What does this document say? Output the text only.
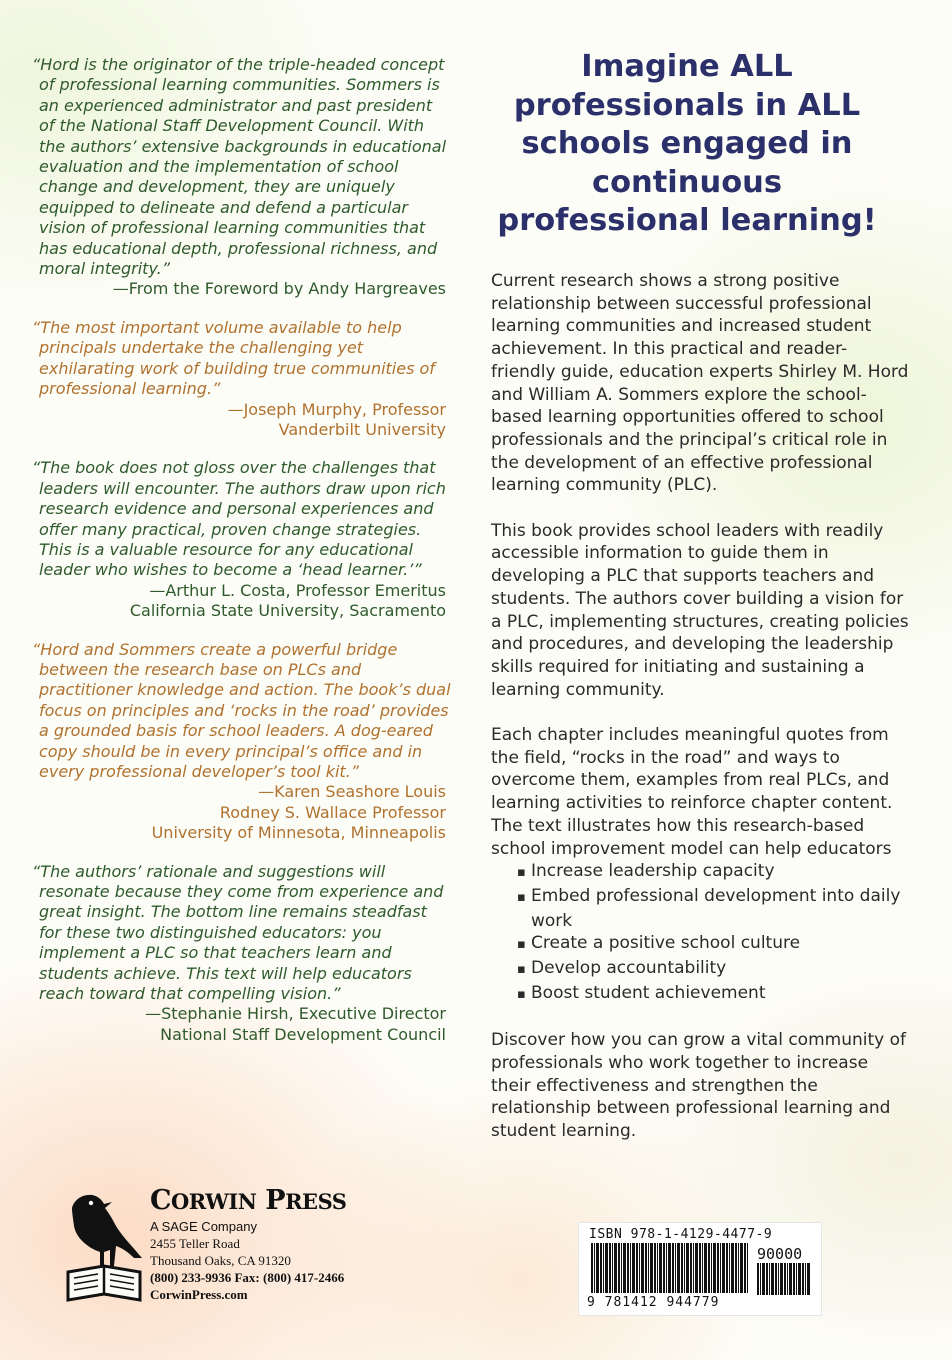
“Hord is the originator of the triple-headed concept of professional learning communities. Sommers is an experienced administrator and past president of the National Staff Development Council. With the authors’ extensive backgrounds in educational evaluation and the implementation of school change and development, they are uniquely equipped to delineate and defend a particular vision of professional learning communities that has educational depth, professional richness, and moral integrity.”

—From the Foreword by Andy Hargreaves

“The most important volume available to help principals undertake the challenging yet exhilarating work of building true communities of professional learning.”

—Joseph Murphy, Professor
Vanderbilt University

“The book does not gloss over the challenges that leaders will encounter. The authors draw upon rich research evidence and personal experiences and offer many practical, proven change strategies. This is a valuable resource for any educational leader who wishes to become a ‘head learner.’”

—Arthur L. Costa, Professor Emeritus
California State University, Sacramento

“Hord and Sommers create a powerful bridge between the research base on PLCs and practitioner knowledge and action. The book’s dual focus on principles and ‘rocks in the road’ provides a grounded basis for school leaders. A dog-eared copy should be in every principal’s office and in every professional developer’s tool kit.”

—Karen Seashore Louis
Rodney S. Wallace Professor
University of Minnesota, Minneapolis

“The authors’ rationale and suggestions will resonate because they come from experience and great insight. The bottom line remains steadfast for these two distinguished educators: you implement a PLC so that teachers learn and students achieve. This text will help educators reach toward that compelling vision.”

—Stephanie Hirsh, Executive Director
National Staff Development Council
Imagine ALL professionals in ALL schools engaged in continuous professional learning!

Current research shows a strong positive relationship between successful professional learning communities and increased student achievement. In this practical and reader-friendly guide, education experts Shirley M. Hord and William A. Sommers explore the school-based learning opportunities offered to school professionals and the principal’s critical role in the development of an effective professional learning community (PLC).

This book provides school leaders with readily accessible information to guide them in developing a PLC that supports teachers and students. The authors cover building a vision for a PLC, implementing structures, creating policies and procedures, and developing the leadership skills required for initiating and sustaining a learning community.

Each chapter includes meaningful quotes from the field, “rocks in the road” and ways to overcome them, examples from real PLCs, and learning activities to reinforce chapter content. The text illustrates how this research-based school improvement model can help educators

▪ Increase leadership capacity
▪ Embed professional development into daily work
▪ Create a positive school culture
▪ Develop accountability
▪ Boost student achievement

Discover how you can grow a vital community of professionals who work together to increase their effectiveness and strengthen the relationship between professional learning and student learning.

CORWIN PRESS
A SAGE Company
2455 Teller Road
Thousand Oaks, CA 91320
(800) 233-9936 Fax: (800) 417-2466
CorwinPress.com

ISBN 978-1-4129-4477-9

90000

9 781412 944779
